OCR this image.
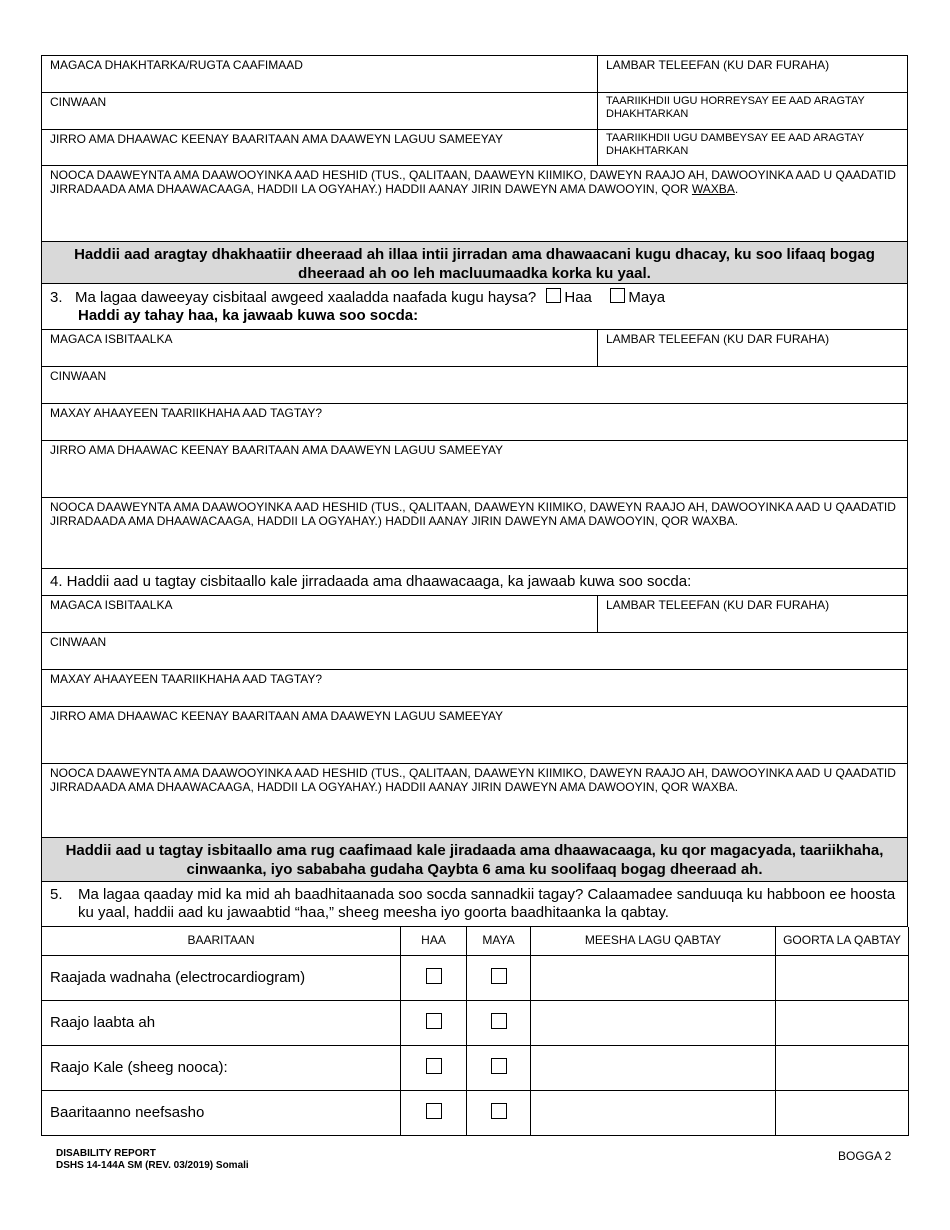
MAGACA DHAKHTARKA/RUGTA CAAFIMAAD	LAMBAR TELEEFAN (KU DAR FURAHA)
CINWAAN	TAARIIKHDII UGU HORREYSAY EE AAD ARAGTAY DHAKHTARKAN
JIRRO AMA DHAAWAC KEENAY BAARITAAN AMA DAAWEYN LAGUU SAMEEYAY	TAARIIKHDII UGU DAMBEYSAY EE AAD ARAGTAY DHAKHTARKAN
NOOCA DAAWEYNTA AMA DAAWOOYINKA AAD HESHID (TUS., QALITAAN, DAAWEYN KIIMIKO, DAWEYN RAAJO AH, DAWOOYINKA AAD U QAADATID JIRRADAADA AMA DHAAWACAAGA, HADDII LA OGYAHAY.) HADDII AANAY JIRIN DAWEYN AMA DAWOOYIN, QOR WAXBA.
Haddii aad aragtay dhakhaatiir dheeraad ah illaa intii jirradan ama dhawaacani kugu dhacay, ku soo lifaaq bogag dheeraad ah oo leh macluumaadka korka ku yaal.
3. Ma lagaa daweeyay cisbitaal awgeed xaaladda naafada kugu haysa? Haa Maya
Haddi ay tahay haa, ka jawaab kuwa soo socda:
MAGACA ISBITAALKA	LAMBAR TELEEFAN (KU DAR FURAHA)
CINWAAN
MAXAY AHAAYEEN TAARIIKHAHA AAD TAGTAY?
JIRRO AMA DHAAWAC KEENAY BAARITAAN AMA DAAWEYN LAGUU SAMEEYAY
NOOCA DAAWEYNTA AMA DAAWOOYINKA AAD HESHID (TUS., QALITAAN, DAAWEYN KIIMIKO, DAWEYN RAAJO AH, DAWOOYINKA AAD U QAADATID JIRRADAADA AMA DHAAWACAAGA, HADDII LA OGYAHAY.) HADDII AANAY JIRIN DAWEYN AMA DAWOOYIN, QOR WAXBA.
4. Haddii aad u tagtay cisbitaallo kale jirradaada ama dhaawacaaga, ka jawaab kuwa soo socda:
MAGACA ISBITAALKA	LAMBAR TELEEFAN (KU DAR FURAHA)
CINWAAN
MAXAY AHAAYEEN TAARIIKHAHA AAD TAGTAY?
JIRRO AMA DHAAWAC KEENAY BAARITAAN AMA DAAWEYN LAGUU SAMEEYAY
NOOCA DAAWEYNTA AMA DAAWOOYINKA AAD HESHID (TUS., QALITAAN, DAAWEYN KIIMIKO, DAWEYN RAAJO AH, DAWOOYINKA AAD U QAADATID JIRRADAADA AMA DHAAWACAAGA, HADDII LA OGYAHAY.) HADDII AANAY JIRIN DAWEYN AMA DAWOOYIN, QOR WAXBA.
Haddii aad u tagtay isbitaallo ama rug caafimaad kale jiradaada ama dhaawacaaga, ku qor magacyada, taariikhaha, cinwaanka, iyo sababaha gudaha Qaybta 6 ama ku soolifaaq bogag dheeraad ah.
5.	Ma lagaa qaaday mid ka mid ah baadhitaanada soo socda sannadkii tagay? Calaamadee sanduuqa ku habboon ee hoosta ku yaal, haddii aad ku jawaabtid “haa,” sheeg meesha iyo goorta baadhitaanka la qabtay.
BAARITAAN	HAA	MAYA	MEESHA LAGU QABTAY	GOORTA LA QABTAY
Raajada wadnaha (electrocardiogram)				
Raajo laabta ah				
Raajo Kale (sheeg nooca):				
Baaritaanno neefsasho				
DISABILITY REPORT
DSHS 14-144A SM (REV. 03/2019) Somali
BOGGA 2
